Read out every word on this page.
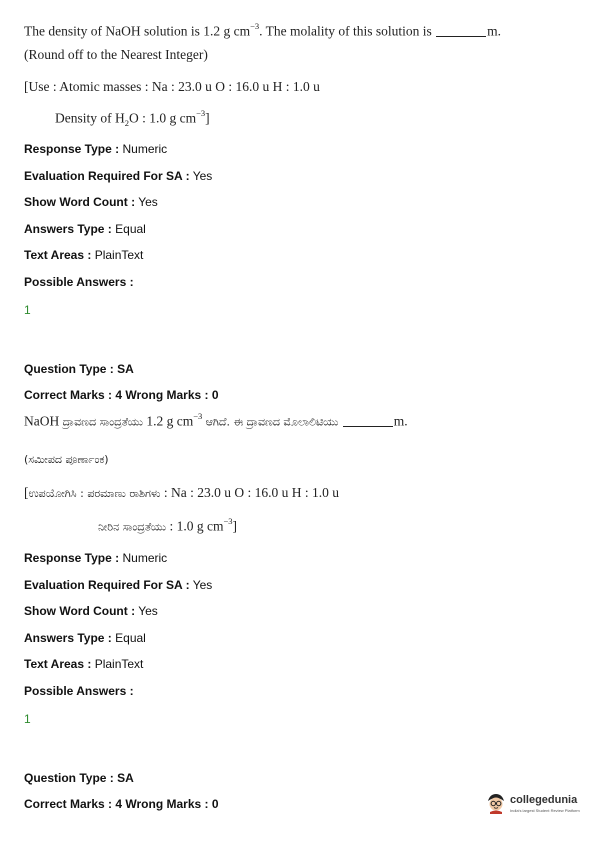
The density of NaOH solution is 1.2 g $cm^{-3}$. The molality of this solution is	m.
(Round off to the Nearest Integer)
[Use : Atomic masses : Na : 23.0 u O : 16.0 u H : 1.0 u
Density of $H_2O$ : 1.0 g $cm^{-3}$]
Response Type : Numeric
Evaluation Required For SA : Yes
Show Word Count : Yes
Answers Type : Equal
Text Areas : PlainText
Possible Answers :
1
Question Type : SA
Correct Marks : 4 Wrong Marks : 0
NaOH ದ್ರಾವಣದ ಸಾಂದ್ರತೆಯು 1.2 g $cm^{-3}$ ಆಗಿದೆ. ಈ ದ್ರಾವಣದ ಮೊಲಾಲಿಟಿಯು	m.
(ಸಮೀಪದ ಪೂರ್ಣಾಂಕ)
[ಉಪಯೋಗಿಸಿ : ಪರಮಾಣು ರಾಶಿಗಳು : Na : 23.0 u O : 16.0 u H : 1.0 u
ನೀರಿನ ಸಾಂದ್ರತೆಯು : 1.0 g $cm^{-3}$]
Response Type : Numeric
Evaluation Required For SA : Yes
Show Word Count : Yes
Answers Type : Equal
Text Areas : PlainText
Possible Answers :
1
Question Type : SA
Correct Marks : 4 Wrong Marks : 0	collegedunia
India's largest Student Review Platform
